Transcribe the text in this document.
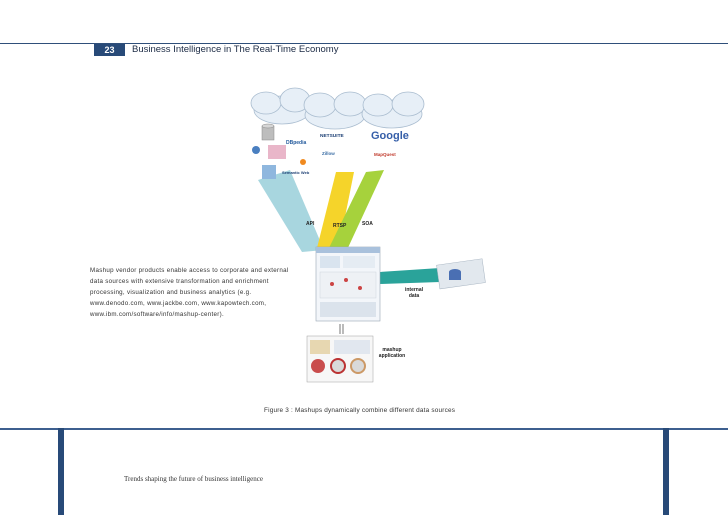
23	Business Intelligence in The Real-Time Economy
API	RTSP	SOA
internal
data
mashup
application
DBpedia
NETSUITE Google
MapQuest
Zillow
Semantic Web

Mashup vendor products enable access to corporate and external

data sources with extensive transformation and enrichment

processing, visualization and business analytics (e.g.

www.denodo.com, www.jackbe.com, www.kapowtech.com,

www.ibm.com/software/info/mashup-center).

Figure 3 : Mashups dynamically combine different data sources
Trends shaping the future of business intelligence
